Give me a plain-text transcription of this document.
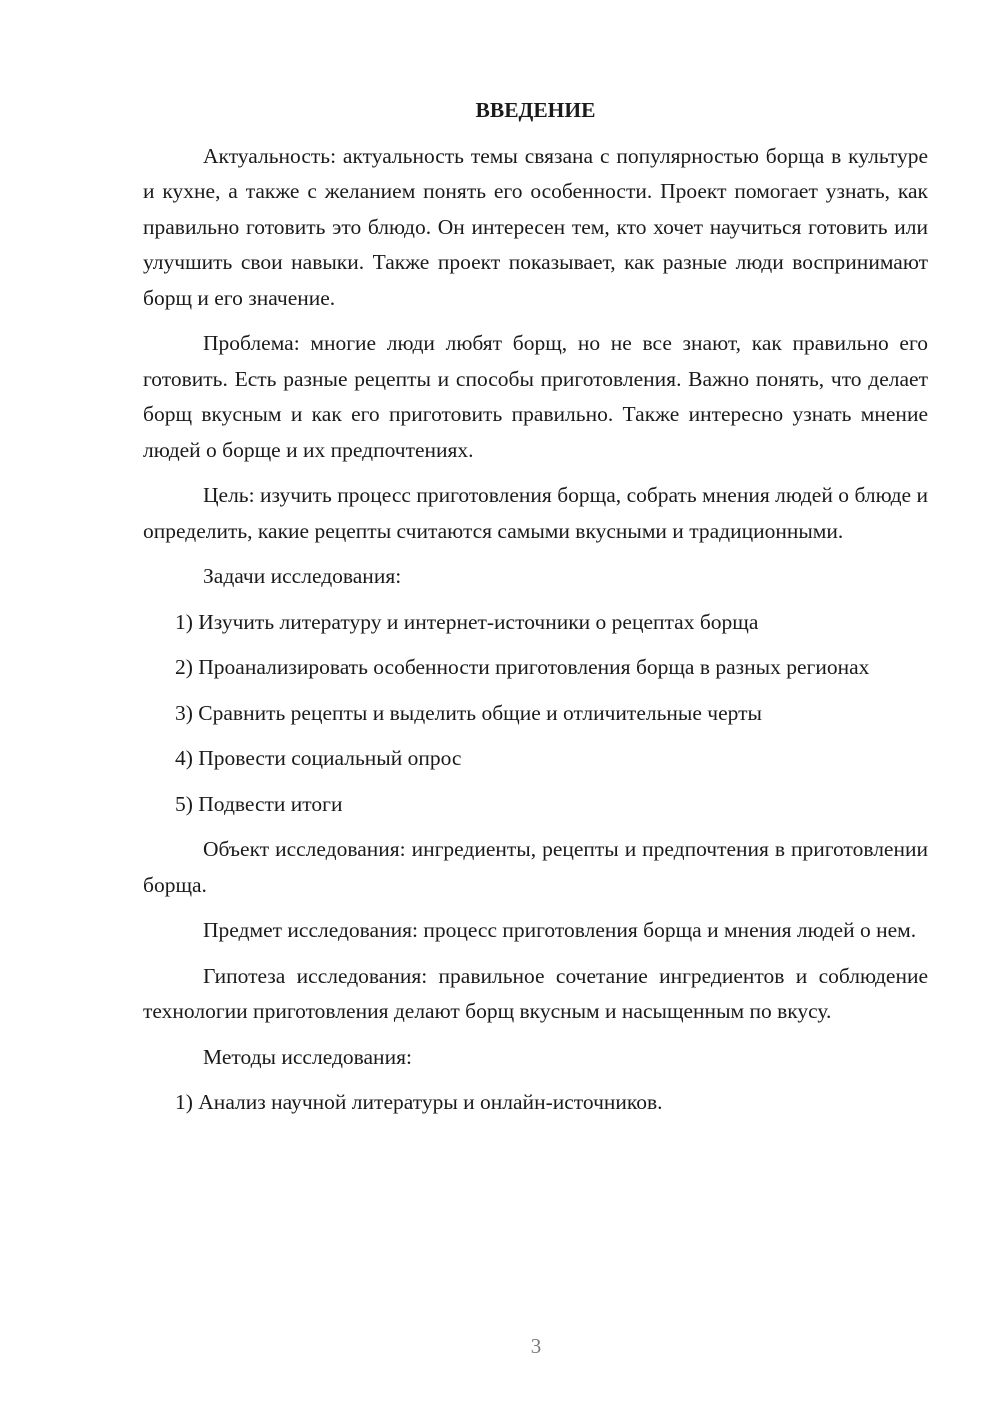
ВВЕДЕНИЕ
Актуальность: актуальность темы связана с популярностью борща в культуре и кухне, а также с желанием понять его особенности. Проект помогает узнать, как правильно готовить это блюдо. Он интересен тем, кто хочет научиться готовить или улучшить свои навыки. Также проект показывает, как разные люди воспринимают борщ и его значение.
Проблема: многие люди любят борщ, но не все знают, как правильно его готовить. Есть разные рецепты и способы приготовления. Важно понять, что делает борщ вкусным и как его приготовить правильно. Также интересно узнать мнение людей о борще и их предпочтениях.
Цель: изучить процесс приготовления борща, собрать мнения людей о блюде и определить, какие рецепты считаются самыми вкусными и традиционными.
Задачи исследования:
1) Изучить литературу и интернет-источники о рецептах борща
2) Проанализировать особенности приготовления борща в разных регионах
3) Сравнить рецепты и выделить общие и отличительные черты
4) Провести социальный опрос
5) Подвести итоги
Объект исследования: ингредиенты, рецепты и предпочтения в приготовлении борща.
Предмет исследования: процесс приготовления борща и мнения людей о нем.
Гипотеза исследования: правильное сочетание ингредиентов и соблюдение технологии приготовления делают борщ вкусным и насыщенным по вкусу.
Методы исследования:
1) Анализ научной литературы и онлайн-источников.
3
